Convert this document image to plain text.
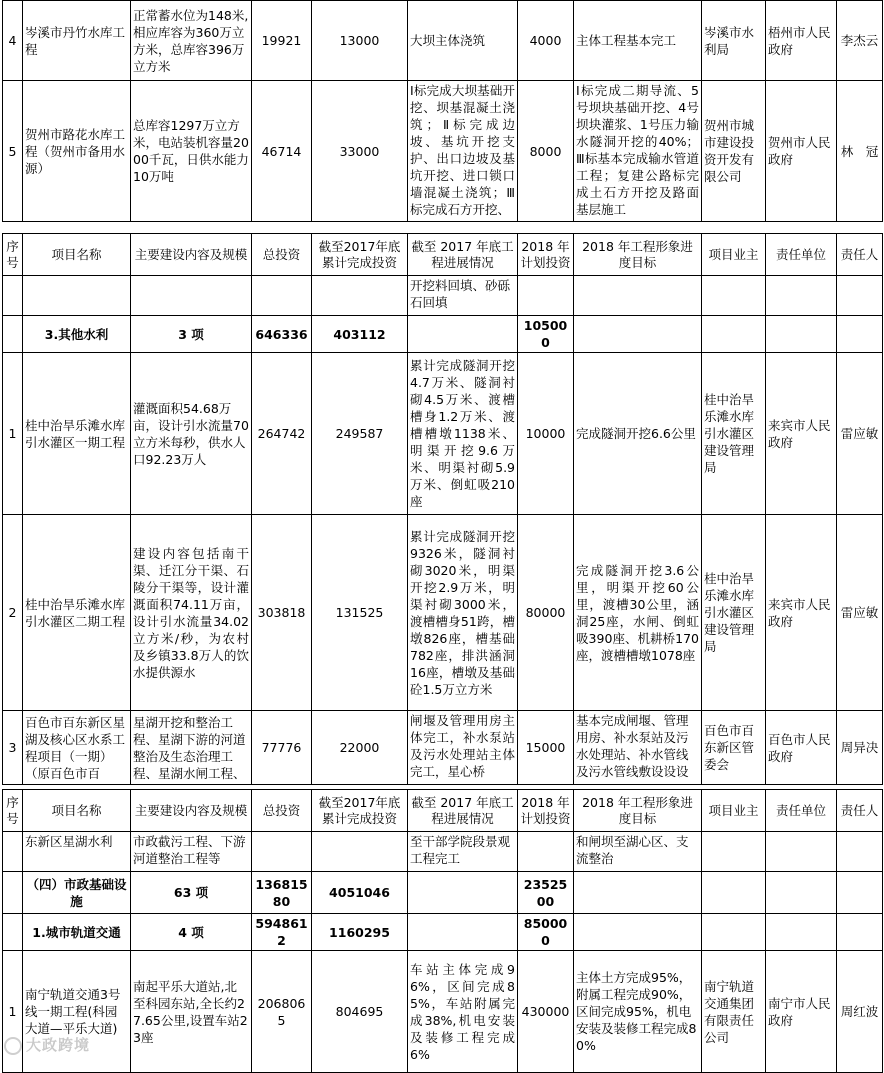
4	岑溪市丹竹水库工程	正常蓄水位为148米,相应库容为360万立方米，总库容396万立方米	19921	13000	大坝主体浇筑	4000	主体工程基本完工	岑溪市水利局	梧州市人民政府	李杰云
5	贺州市路花水库工程（贺州市备用水源）	总库容1297万立方米，电站装机容量2000千瓦，日供水能力10万吨	46714	33000	Ⅰ标完成大坝基础开挖、坝基混凝土浇筑；Ⅱ标完成边坡、基坑开挖支护、出口边坡及基坑开挖、进口锁口墙混凝土浇筑；Ⅲ标完成石方开挖、	8000	Ⅰ标完成二期导流、5号坝块基础开挖、4号坝块灌浆、1号压力输水隧洞开挖的40%；Ⅲ标基本完成输水管道工程；复建公路标完成土石方开挖及路面基层施工	贺州市城市建设投资开发有限公司	贺州市人民政府	林　冠
序号	项目名称	主要建设内容及规模	总投资	截至2017年底累计完成投资	截至 2017 年底工程进展情况	2018 年计划投资	2018 年工程形象进度目标	项目业主	责任单位	责任人
					开挖料回填、砂砾石回填					
	3.其他水利	3 项	646336	403112		105000				
1	桂中治旱乐滩水库引水灌区一期工程	灌溉面积54.68万亩，设计引水流量70立方米每秒，供水人口92.23万人	264742	249587	累计完成隧洞开挖4.7万米、隧洞衬砌4.5万米、渡槽槽身1.2万米、渡槽槽墩1138米、明渠开挖9.6万米、明渠衬砌5.9万米、倒虹吸210座	10000	完成隧洞开挖6.6公里	桂中治旱乐滩水库引水灌区建设管理局	来宾市人民政府	雷应敏
2	桂中治旱乐滩水库引水灌区二期工程	建设内容包括南干渠、迁江分干渠、石陵分干渠等，设计灌溉面积74.11万亩，设计引水流量34.02立方米/秒，为农村及乡镇33.8万人的饮水提供源水	303818	131525	累计完成隧洞开挖9326米，隧洞衬砌3020米，明渠开挖2.9万米，明渠衬砌3000米，渡槽槽身51跨，槽墩826座，槽基础782座，排洪涵洞16座，槽墩及基础砼1.5万立方米	80000	完成隧洞开挖3.6公里，明渠开挖60公里，渡槽30公里，涵洞25座，水闸、倒虹吸390座、机耕桥170座，渡槽槽墩1078座	桂中治旱乐滩水库引水灌区建设管理局	来宾市人民政府	雷应敏
3	百色市百东新区星湖及核心区水系工程项目（一期）（原百色市百	星湖开挖和整治工程、星湖下游的河道整治及生态治理工程、星湖水闸工程、	77776	22000	闸堰及管理用房主体完工，补水泵站及污水处理站主体完工，星心桥	15000	基本完成闸堰、管理用房、补水泵站及污水处理站、补水管线及污水管线敷设设设	百色市百东新区管委会	百色市人民政府	周异决
序号	项目名称	主要建设内容及规模	总投资	截至2017年底累计完成投资	截至 2017 年底工程进展情况	2018 年计划投资	2018 年工程形象进度目标	项目业主	责任单位	责任人
	东新区星湖水利	市政截污工程、下游河道整治工程等			至干部学院段景观工程完工		和闸坝至湖心区、支流整治			
	（四）市政基础设施	63 项	13681580	4051046		2352500				
	1.城市轨道交通	4 项	5948612	1160295		850000				
1	南宁轨道交通3号线一期工程(科园大道—平乐大道)	南起平乐大道站,北至科园东站,全长约27.65公里,设置车站23座	2068065	804695	车站主体完成96%，区间完成85%，车站附属完成38%,机电安装及装修工程完成6%	430000	主体土方完成95%，附属工程完成90%，区间完成95%，机电安装及装修工程完成80%	南宁轨道交通集团有限责任公司	南宁市人民政府	周红波
大政跨境
